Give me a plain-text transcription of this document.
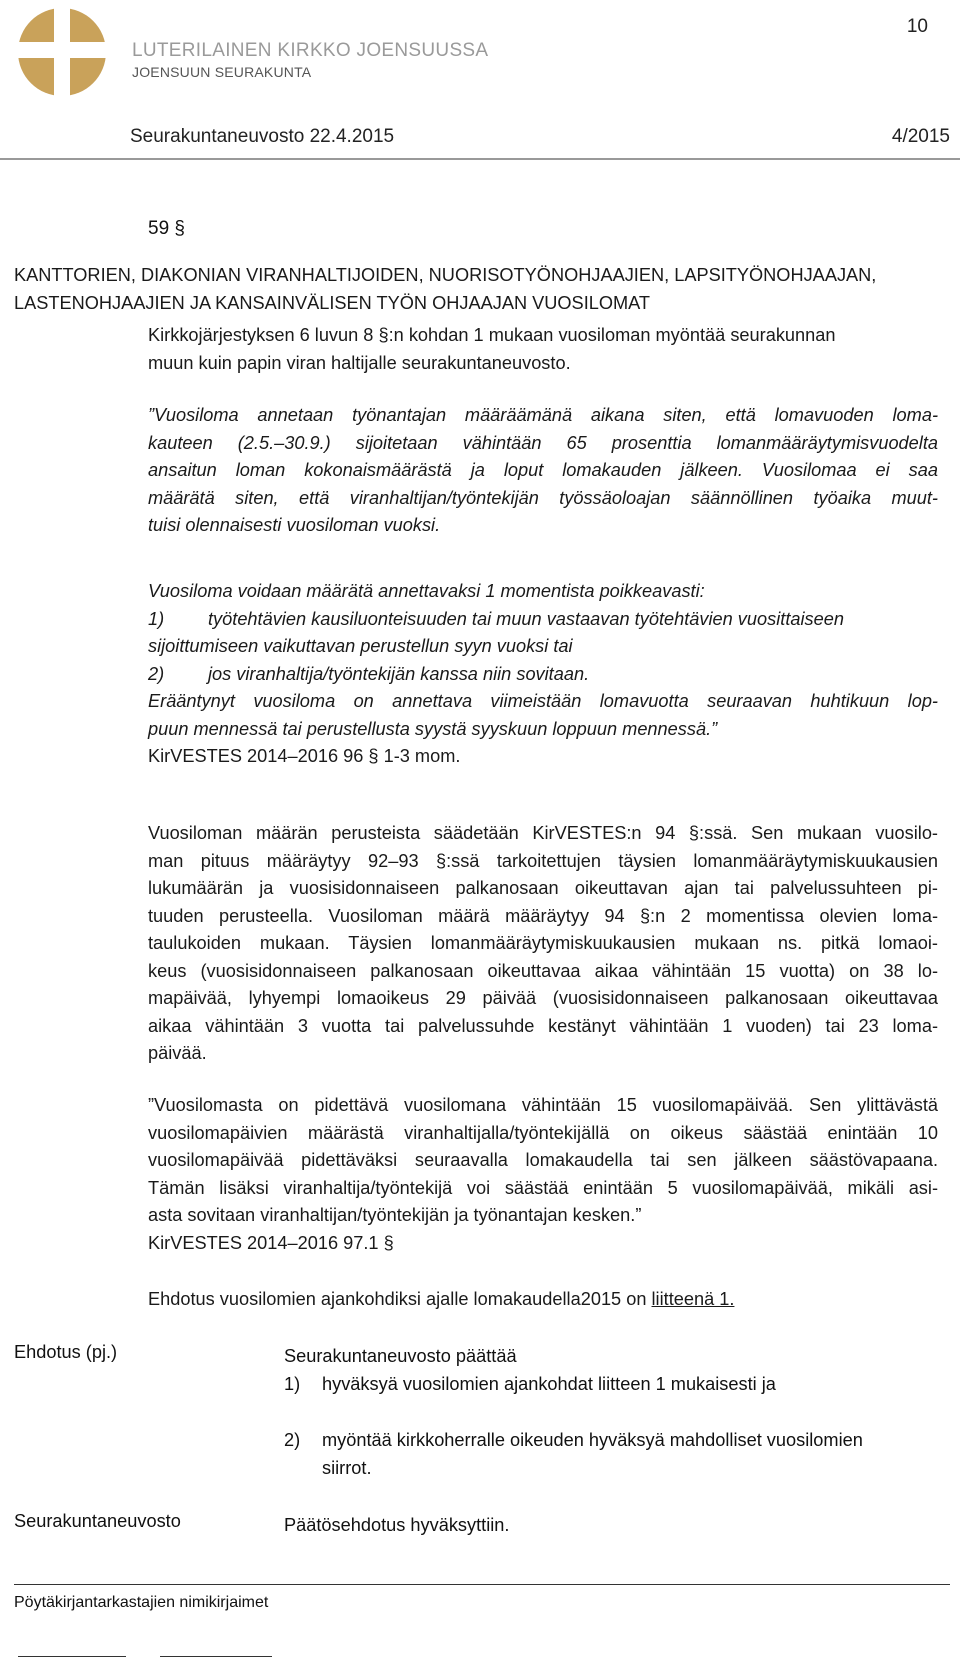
LUTERILAINEN KIRKKO JOENSUUSSA
JOENSUUN SEURAKUNTA
10
Seurakuntaneuvosto 22.4.2015	4/2015
59 §
KANTTORIEN, DIAKONIAN VIRANHALTIJOIDEN, NUORISOTYÖNOHJAAJIEN, LAPSITYÖNOHJAAJAN,
LASTENOHJAAJIEN JA KANSAINVÄLISEN TYÖN OHJAAJAN VUOSILOMAT
Kirkkojärjestyksen 6 luvun 8 §:n kohdan 1 mukaan vuosiloman myöntää seurakunnan
muun kuin papin viran haltijalle seurakuntaneuvosto.
”Vuosiloma annetaan työnantajan määräämänä aikana siten, että lomavuoden loma-
kauteen (2.5.–30.9.) sijoitetaan vähintään 65 prosenttia lomanmääräytymisvuodelta
ansaitun loman kokonaismäärästä ja loput lomakauden jälkeen. Vuosilomaa ei saa
määrätä siten, että viranhaltijan/työntekijän työssäoloajan säännöllinen työaika muut-
tuisi olennaisesti vuosiloman vuoksi.
Vuosiloma voidaan määrätä annettavaksi 1 momentista poikkeavasti:
1)	työtehtävien kausiluonteisuuden tai muun vastaavan työtehtävien vuosittaiseen
sijoittumiseen vaikuttavan perustellun syyn vuoksi tai
2)	jos viranhaltija/työntekijän kanssa niin sovitaan.
Erääntynyt vuosiloma on annettava viimeistään lomavuotta seuraavan huhtikuun lop-
puun mennessä tai perustellusta syystä syyskuun loppuun mennessä.”
KirVESTES 2014–2016 96 § 1-3 mom.
Vuosiloman määrän perusteista säädetään KirVESTES:n 94 §:ssä. Sen mukaan vuosilo-
man pituus määräytyy 92–93 §:ssä tarkoitettujen täysien lomanmääräytymiskuukausien
lukumäärän ja vuosisidonnaiseen palkanosaan oikeuttavan ajan tai palvelussuhteen pi-
tuuden perusteella. Vuosiloman määrä määräytyy 94 §:n 2 momentissa olevien loma-
taulukoiden mukaan. Täysien lomanmääräytymiskuukausien mukaan ns. pitkä lomaoi-
keus (vuosisidonnaiseen palkanosaan oikeuttavaa aikaa vähintään 15 vuotta) on 38 lo-
mapäivää, lyhyempi lomaoikeus 29 päivää (vuosisidonnaiseen palkanosaan oikeuttavaa
aikaa vähintään 3 vuotta tai palvelussuhde kestänyt vähintään 1 vuoden) tai 23 loma-
päivää.
”Vuosilomasta on pidettävä vuosilomana vähintään 15 vuosilomapäivää. Sen ylittävästä
vuosilomapäivien määrästä viranhaltijalla/työntekijällä on oikeus säästää enintään 10
vuosilomapäivää pidettäväksi seuraavalla lomakaudella tai sen jälkeen säästövapaana.
Tämän lisäksi viranhaltija/työntekijä voi säästää enintään 5 vuosilomapäivää, mikäli asi-
asta sovitaan viranhaltijan/työntekijän ja työnantajan kesken.”
KirVESTES 2014–2016 97.1 §
Ehdotus vuosilomien ajankohdiksi ajalle lomakaudella2015 on liitteenä 1.
Ehdotus (pj.)	Seurakuntaneuvosto päättää
1)	hyväksyä vuosilomien ajankohdat liitteen 1 mukaisesti ja
2)	myöntää kirkkoherralle oikeuden hyväksyä mahdolliset vuosilomien
siirrot.
Seurakuntaneuvosto	Päätösehdotus hyväksyttiin.
Pöytäkirjantarkastajien nimikirjaimet
